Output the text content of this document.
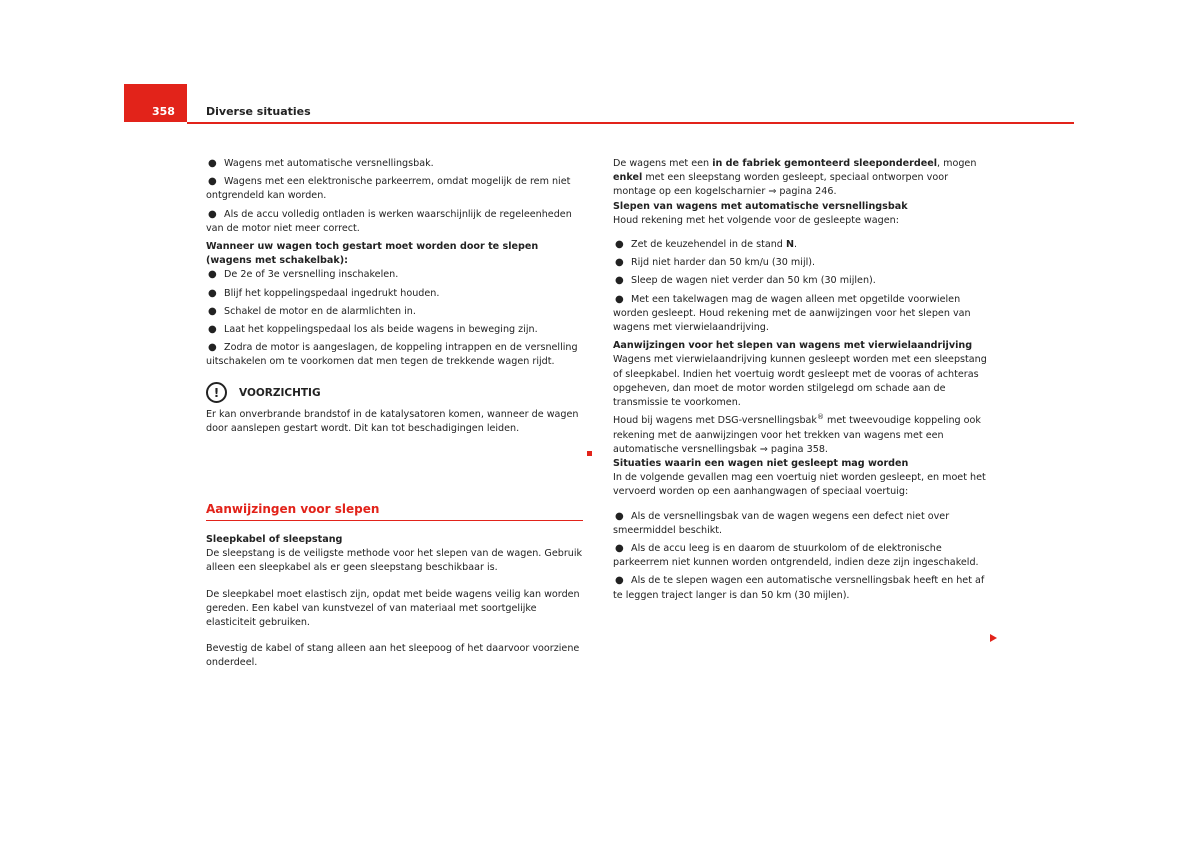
358	Diverse situaties
● Wagens met automatische versnellingsbak.
● Wagens met een elektronische parkeerrem, omdat mogelijk de rem niet ontgrendeld kan worden.
● Als de accu volledig ontladen is werken waarschijnlijk de regeleenheden van de motor niet meer correct.

Wanneer uw wagen toch gestart moet worden door te slepen (wagens met schakelbak):

● De 2e of 3e versnelling inschakelen.
● Blijf het koppelingspedaal ingedrukt houden.
● Schakel de motor en de alarmlichten in.
● Laat het koppelingspedaal los als beide wagens in beweging zijn.
● Zodra de motor is aangeslagen, de koppeling intrappen en de versnelling uitschakelen om te voorkomen dat men tegen de trekkende wagen rijdt.
!	VOORZICHTIG

Er kan onverbrande brandstof in de katalysatoren komen, wanneer de wagen door aanslepen gestart wordt. Dit kan tot beschadigingen leiden.

Aanwijzingen voor slepen

Sleepkabel of sleepstang

De sleepstang is de veiligste methode voor het slepen van de wagen. Gebruik alleen een sleepkabel als er geen sleepstang beschikbaar is.

De sleepkabel moet elastisch zijn, opdat met beide wagens veilig kan worden gereden. Een kabel van kunstvezel of van materiaal met soortgelijke elasticiteit gebruiken.

Bevestig de kabel of stang alleen aan het sleepoog of het daarvoor voorziene onderdeel.

De wagens met een in de fabriek gemonteerd sleeponderdeel, mogen enkel met een sleepstang worden gesleept, speciaal ontworpen voor montage op een kogelscharnier ⇒ pagina 246.

Slepen van wagens met automatische versnellingsbak

Houd rekening met het volgende voor de gesleepte wagen:

● Zet de keuzehendel in de stand N.
● Rijd niet harder dan 50 km/u (30 mijl).
● Sleep de wagen niet verder dan 50 km (30 mijlen).
● Met een takelwagen mag de wagen alleen met opgetilde voorwielen worden gesleept. Houd rekening met de aanwijzingen voor het slepen van wagens met vierwielaandrijving.

Aanwijzingen voor het slepen van wagens met vierwielaandrijving

Wagens met vierwielaandrijving kunnen gesleept worden met een sleepstang of sleepkabel. Indien het voertuig wordt gesleept met de vooras of achteras opgeheven, dan moet de motor worden stilgelegd om schade aan de transmissie te voorkomen.

Houd bij wagens met DSG-versnellingsbak® met tweevoudige koppeling ook rekening met de aanwijzingen voor het trekken van wagens met een automatische versnellingsbak ⇒ pagina 358.

Situaties waarin een wagen niet gesleept mag worden

In de volgende gevallen mag een voertuig niet worden gesleept, en moet het vervoerd worden op een aanhangwagen of speciaal voertuig:

● Als de versnellingsbak van de wagen wegens een defect niet over smeermiddel beschikt.
● Als de accu leeg is en daarom de stuurkolom of de elektronische parkeerrem niet kunnen worden ontgrendeld, indien deze zijn ingeschakeld.
● Als de te slepen wagen een automatische versnellingsbak heeft en het af te leggen traject langer is dan 50 km (30 mijlen).
